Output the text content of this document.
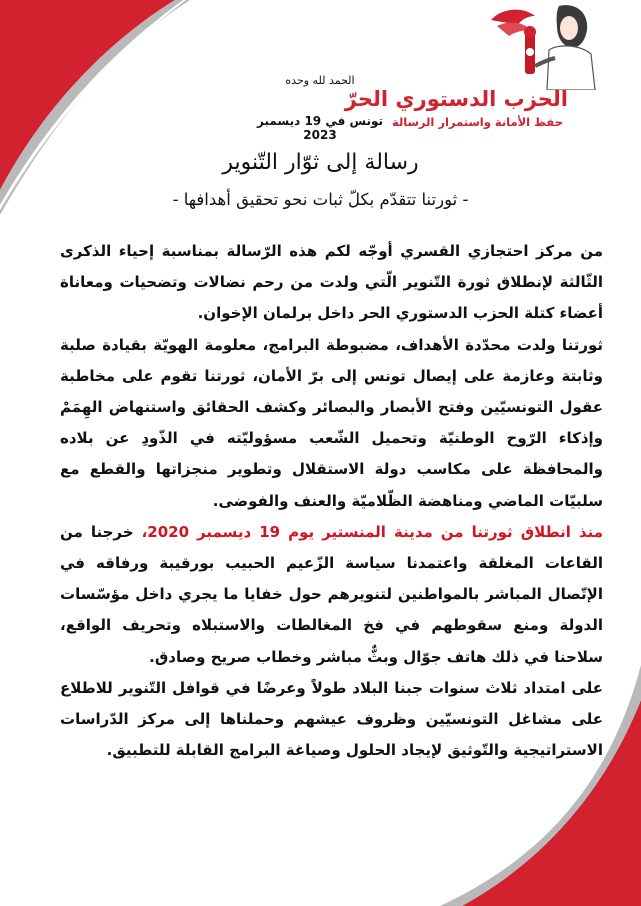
الحزب الدستوري الحرّ
حفظ الأمانة واستمرار الرسالة
الحمد لله وحده
تونس في 19 ديسمبر 2023
رسالة إلى ثوّار التّنوير
- ثورتنا تتقدّم بكلّ ثبات نحو تحقيق أهدافها -

من مركز احتجازي القسري أوجّه لكم هذه الرّسالة بمناسبة إحياء الذكرى الثّالثة لإنطلاق ثورة التّنوير الّتي ولدت من رحم نضالات وتضحيات ومعاناة أعضاء كتلة الحزب الدستوري الحر داخل برلمان الإخوان.

ثورتنا ولدت محدّدة الأهداف، مضبوطة البرامج، معلومة الهويّة بقيادة صلبة وثابتة وعازمة على إيصال تونس إلى برّ الأمان، ثورتنا تقوم على مخاطبة عقول التونسيّين وفتح الأبصار والبصائر وكشف الحقائق واستنهاض الهِمَمْ وإذكاء الرّوح الوطنيّة وتحميل الشّعب مسؤوليّته في الذّودِ عن بلاده والمحافظة على مكاسب دولة الاستقلال وتطوير منجزاتها والقطع مع سلبيّات الماضي ومناهضة الظّلاميّة والعنف والفوضى.

منذ انطلاق ثورتنا من مدينة المنستير يوم 19 ديسمبر 2020، خرجنا من القاعات المغلقة واعتمدنا سياسة الزّعيم الحبيب بورقيبة ورفاقه في الإتّصال المباشر بالمواطنين لتنويرهم حول خفايا ما يجري داخل مؤسّسات الدولة ومنع سقوطهم في فخ المغالطات والاستبلاه وتحريف الواقع، سلاحنا في ذلك هاتف جوّال وبثٌّ مباشر وخطاب صريح وصادق.

على امتداد ثلاث سنوات جبنا البلاد طولاً وعرضًا في قوافل التّنوير للاطلاع على مشاغل التونسيّين وظروف عيشهم وحملناها إلى مركز الدّراسات الاستراتيجية والتّوثيق لإيجاد الحلول وصياغة البرامج القابلة للتطبيق.
